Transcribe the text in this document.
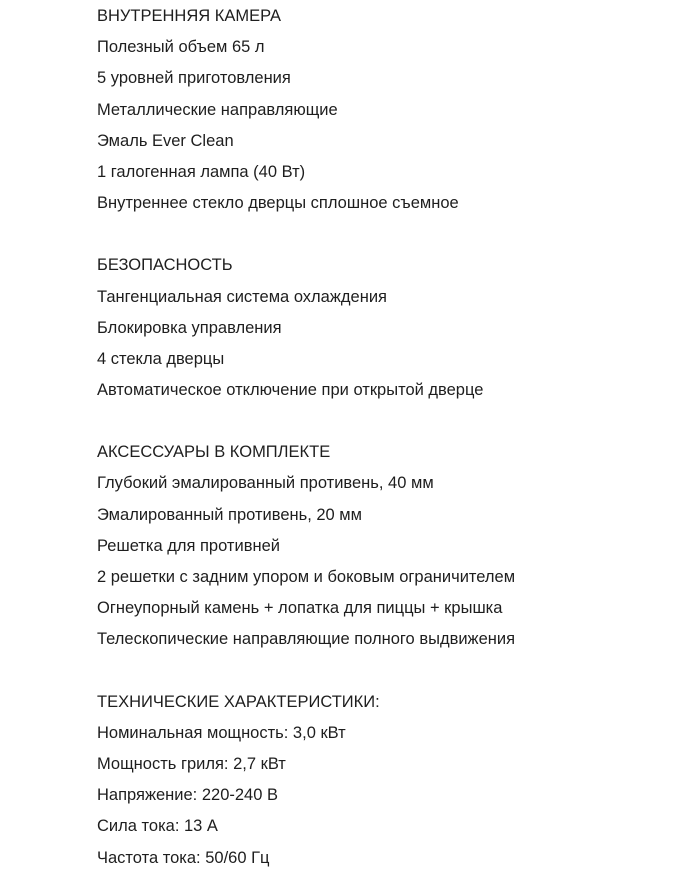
ВНУТРЕННЯЯ КАМЕРА
Полезный объем 65 л
5 уровней приготовления
Металлические направляющие
Эмаль Ever Clean
1 галогенная лампа (40 Вт)
Внутреннее стекло дверцы сплошное съемное
БЕЗОПАСНОСТЬ
Тангенциальная система охлаждения
Блокировка управления
4 стекла дверцы
Автоматическое отключение при открытой дверце
АКСЕССУАРЫ В КОМПЛЕКТЕ
Глубокий эмалированный противень, 40 мм
Эмалированный противень, 20 мм
Решетка для противней
2 решетки с задним упором и боковым ограничителем
Огнеупорный камень + лопатка для пиццы + крышка
Телескопические направляющие полного выдвижения
ТЕХНИЧЕСКИЕ ХАРАКТЕРИСТИКИ:
Номинальная мощность: 3,0 кВт
Мощность гриля: 2,7 кВт
Напряжение: 220-240 В
Сила тока: 13 А
Частота тока: 50/60 Гц
